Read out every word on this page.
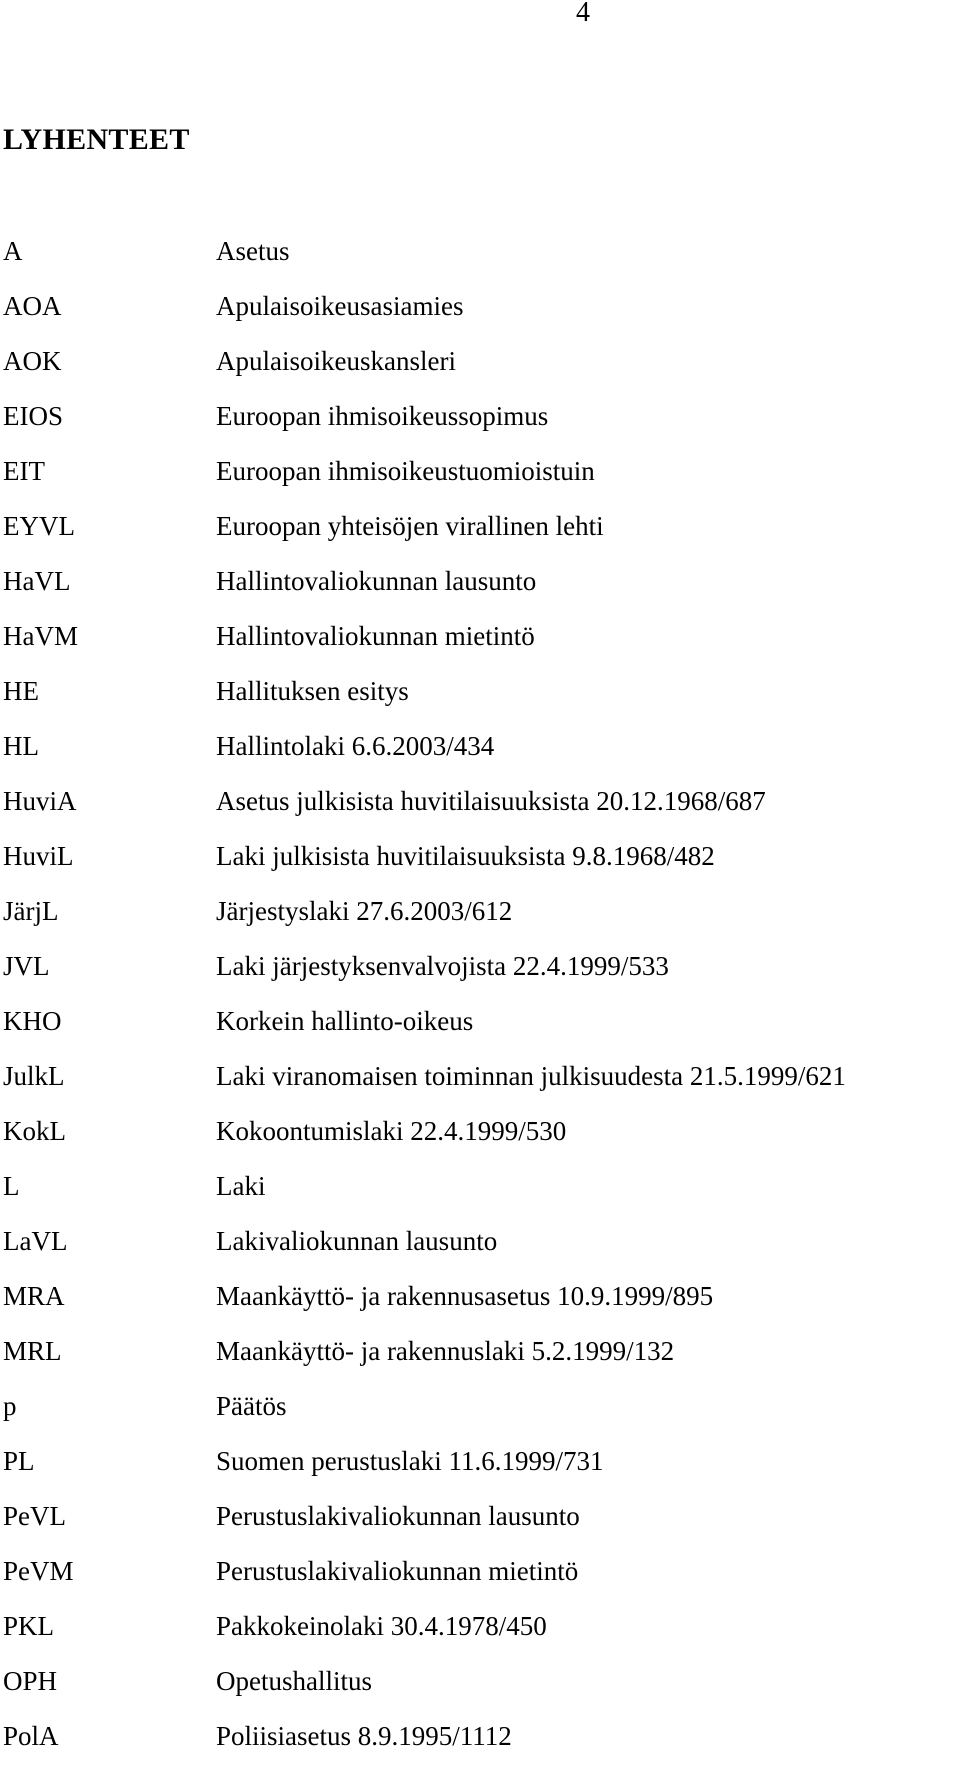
4
LYHENTEET
A	Asetus
AOA	Apulaisoikeusasiamies
AOK	Apulaisoikeuskansleri
EIOS	Euroopan ihmisoikeussopimus
EIT	Euroopan ihmisoikeustuomioistuin
EYVL	Euroopan yhteisöjen virallinen lehti
HaVL	Hallintovaliokunnan lausunto
HaVM	Hallintovaliokunnan mietintö
HE	Hallituksen esitys
HL	Hallintolaki 6.6.2003/434
HuviA	Asetus julkisista huvitilaisuuksista 20.12.1968/687
HuviL	Laki julkisista huvitilaisuuksista 9.8.1968/482
JärjL	Järjestyslaki 27.6.2003/612
JVL	Laki järjestyksenvalvojista 22.4.1999/533
KHO	Korkein hallinto-oikeus
JulkL	Laki viranomaisen toiminnan julkisuudesta 21.5.1999/621
KokL	Kokoontumislaki 22.4.1999/530
L	Laki
LaVL	Lakivaliokunnan lausunto
MRA	Maankäyttö- ja rakennusasetus 10.9.1999/895
MRL	Maankäyttö- ja rakennuslaki 5.2.1999/132
p	Päätös
PL	Suomen perustuslaki 11.6.1999/731
PeVL	Perustuslakivaliokunnan lausunto
PeVM	Perustuslakivaliokunnan mietintö
PKL	Pakkokeinolaki 30.4.1978/450
OPH	Opetushallitus
PolA	Poliisiasetus 8.9.1995/1112
